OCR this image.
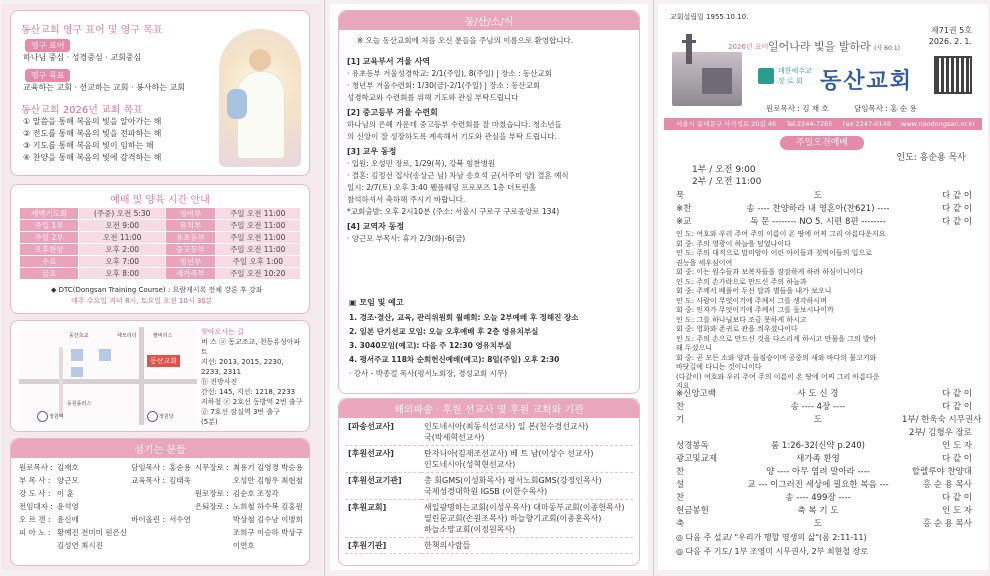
동산교회 영구 표어 및 영구 목표
영구 표어
하나님 중심 · 성경중심 · 교회중심
영구 목표
교육하는 교회 · 선교하는 교회 · 봉사하는 교회
동산교회 2026년 교회 목표
① 말씀을 통해 복음의 빛을 알아가는 해
② 전도를 통해 복음의 빛을 전파하는 해
③ 기도를 통해 복음의 빛이 임하는 해
④ 찬양을 통해 복음의 빛에 감격하는 해
예배 및 양육 시간 안내
새벽기도회	(주중) 오전 5:30	영아부	주일 오전 11:00
주일 1부	오전 9:00	유치부	주일 오전 11:00
주일 2부	오전 11:00	유초등부	주일 오전 11:00
오후찬양	오후 2:00	중고등부	주일 오전 11:00
수요	오후 7:00	청년부	주일 오후 1:00
금요	오후 8:00	새가족부	주일 오전 10:20
◆ DTC(Dongsan Training Course) : 요람게시록 전체 강론 후 강좌
매주 수요일 저녁 8시, 토요일 오전 10시 30분
동산교회
동산초교	세모리더	팔비리스
동원플러스
정원역	정원당
찾아오시는 길
버 스 ⓐ 동교조교, 천동유성아파트
지선: 2013, 2015, 2230,
2233, 2311
ⓑ 진방사진
간선: 145, 지선: 1218, 2233
지하철 ⓒ 2호선 동방역 2번 출구
ⓓ 7호선 잠실역 3번 출구
(5분)
섬기는 분들
원로목사 :	김재호	담임목사 :	홍순용	시무장로 :	최용기 김영경 박승용
부 목 사 :	양근모	교육목사 :	김태욱		오성만 김형우 최현철
강 도 사 :	이 훈			원로장로 :	김순호 조정각
전임대자 :	윤석영			은퇴장로 :	노희철 하수복 김홍원
오 르 겐 :	윤신애	바이올린 :	서수연		박상철 김수남 이병희
피 아 노 :	황예진 전미미 원은신				조희구 이승하 박상구
	김성연 최시진				이연호
동/산/소/식
※ 오늘 동산교회에 처음 오신 분들을 주님의 이름으로 환영합니다.
[1] 교육부서 겨울 사역
· 유초등부 겨울성경학교: 2/1(주일), 8(주일) | 장소 : 동산교회
· 청년부 겨울수련회: 1/30(금)-2/1(주일) | 장소 : 동산교회
성경학교와 수련회를 위해 기도와 관심 부탁드립니다
[2] 중고등부 겨울 수련회
하나님의 은혜 가운데 중고등부 수련회를 잘 마쳤습니다. 청소년들
의 신앙이 잘 성장하도록 계속해서 기도와 관심을 부탁 드립니다.
[3] 교우 동정
· 입원: 오성민 장로, 1/29(목), 강북 힘찬병원
· 결혼: 김정선 집사(송상근 님) 차남 송호석 군(서주미 양) 결혼 예식
일시: 2/7(토) 오후 3:40 웰플웨딩 프로포즈 1층 더트린홀
참석하셔서 축하해 주시기 바랍니다.
*교회출발: 오후 2시10분 (주소: 서울시 구로구 구로중앙로 134)
[4] 교역자 동정
· 양근모 부목사: 휴가 2/3(화)-6(금)
▣ 모임 및 예고
1. 경조·결산, 교육, 관리위원회 월례회: 오늘 2부예배 후 정해진 장소
2. 일본 단기선교 모임: 오늘 오후예배 후 2층 영유치부실
3. 3040모임(예고): 다음 주 12:30 영유치부실
4. 평서주교 118차 순회헌신예배(예고): 8일(주일) 오후 2:30
· 강사 - 박종걸 목사(평서노회장, 경성교회 시무)
해외파송 · 후원 선교사 및 후원 교회와 기관
[파송선교사]	인도네시아(최동식선교사) 일 본(천수경선교사)
국(박세혁선교사)

[후원선교사]	탄자니아(김재조선교사) 베 트 남(이상수 선교사)
인도네시아(성혁현선교사)

[후원선교기관]	총 회GMS(이성화목사) 평서노회GMS(강정인목사)
국제성경대학원 IGSB (이한수목사)

[후원교회]	새일광명하는교회(이성우목사) 대마동부교회(이종헌목사)
열린문교회(손원조목사) 하늘향기교회(이종훈목사)
하늘소망교회(이정원목사)

[후원기관]	한책의사람들
교회설립일 1955.10.10.
제71권 5호
2026. 2. 1.
2026년 표어 일어나라 빛을 발하라 (사 60:1)
대한예수교
장 로 회 동산교회
원로목사 : 김 재 호	담임목사 : 홍 순 용
서울시 동대문구 사가정로 20길 46 Tel.2244-7265 Fax 2247-0148 www.neodongsan.or.kr
주일오전예배
인도: 홍순용 목사
1부 / 오전 9:00
2부 / 오전 11:00
묵	도	다 같 이
※찬	송 ---- 찬양하라 내 영혼아(찬621) ----	다 같 이
※교	독 문 -------- NO 5. 시편 8편 --------	다 같 이
인 도: 여호와 우리 주여 주의 이름이 온 땅에 어찌 그리 아름다운지요
회 중: 주의 영광이 하늘을 덮었나이다
인 도: 주의 대적으로 말미암아 어린 아이들과 젖먹이들의 입으로
권능을 세우심이여
회 중: 이는 원수들과 보복자들을 잠잠하게 하려 하심이니이다
인 도: 주의 손가락으로 만드신 주의 하늘과
회 중: 주께서 베풀어 두신 달과 별들을 내가 보오니
인 도: 사람이 무엇이기에 주께서 그를 생각하시며
회 중: 인자가 무엇이기에 주께서 그를 돌보시나이까
인 도: 그를 하나님보다 조금 못하게 하시고
회 중: 영화와 존귀로 관을 씌우셨나이다
인 도: 주의 손으로 만드신 것을 다스리게 하시고 만물을 그의 발아
래 두셨으니
회 중: 곧 모든 소와 양과 들짐승이며 공중의 새와 바다의 물고기와
바닷길에 다니는 것이니이다
(다같이) 여호와 우리 주여 주의 이름이 온 땅에 어찌 그리 아름다운
지요
※신앙고백	사 도 신 경	다 같 이
찬	송 ---- 4장 ----	다 같 이
기	도	1부/ 한욱숙 시무권사
2부/ 김형우 장로
성경봉독	룸 1:26-32(신약 p.240)	인 도 자
광고및교제	새가족 환영	다 같 이
찬	양 ---- 아무 염려 말아라 ----	할렐루야 찬양대
설	교 --- 이그러진 세상에 필요한 복음 ---	홍 순 용 목사
찬	송 ---- 499장 ----	다 같 이
헌금봉헌	축 복 기 도	인 도 자
축	도	홍 순 용 목사
◎ 다음 주 설교/ "우리가 행할 영생의 삶"(롬 2:11-11)
◎ 다음 주 기도/ 1부 조영미 시무권사, 2부 최현철 장로
